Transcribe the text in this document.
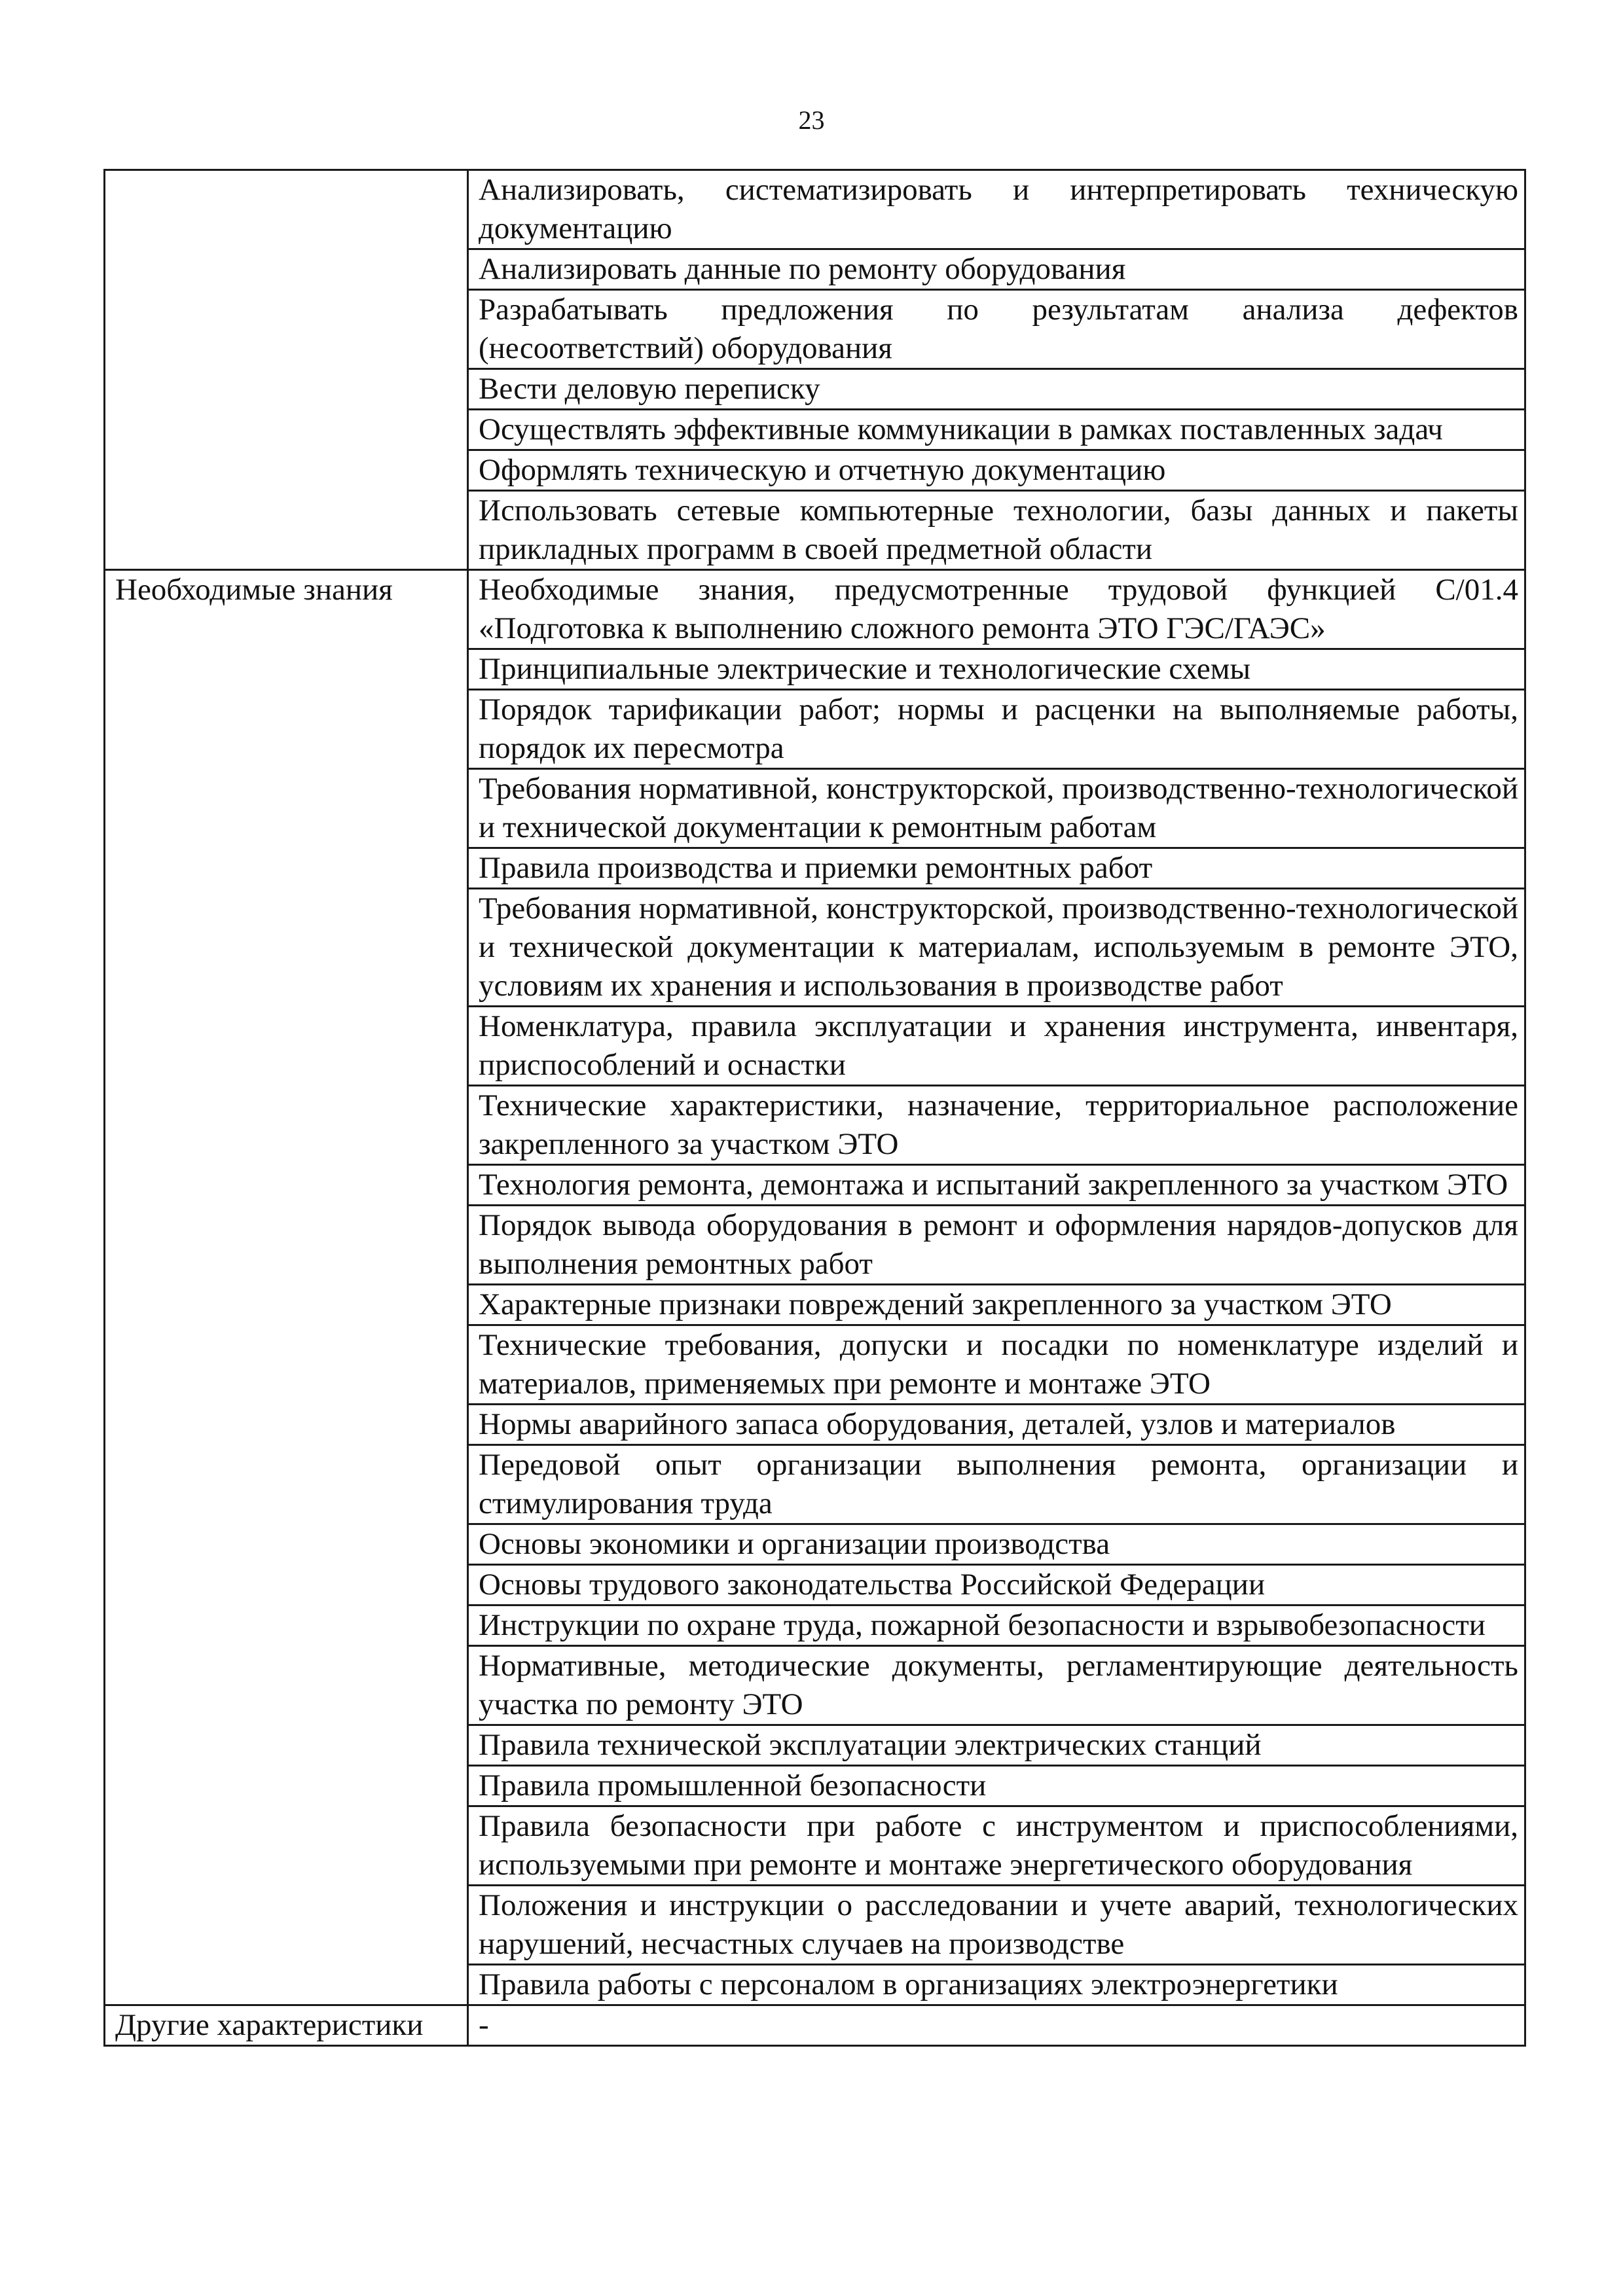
23
	Анализировать, систематизировать и интерпретировать техническую документацию
	Анализировать данные по ремонту оборудования
	Разрабатывать предложения по результатам анализа дефектов (несоответствий) оборудования
	Вести деловую переписку
	Осуществлять эффективные коммуникации в рамках поставленных задач
	Оформлять техническую и отчетную документацию
	Использовать сетевые компьютерные технологии, базы данных и пакеты прикладных программ в своей предметной области
Необходимые знания	Необходимые знания, предусмотренные трудовой функцией С/01.4 «Подготовка к выполнению сложного ремонта ЭТО ГЭС/ГАЭС»
	Принципиальные электрические и технологические схемы
	Порядок тарификации работ; нормы и расценки на выполняемые работы, порядок их пересмотра
	Требования нормативной, конструкторской, производственно-технологической и технической документации к ремонтным работам
	Правила производства и приемки ремонтных работ
	Требования нормативной, конструкторской, производственно-технологической и технической документации к материалам, используемым в ремонте ЭТО, условиям их хранения и использования в производстве работ
	Номенклатура, правила эксплуатации и хранения инструмента, инвентаря, приспособлений и оснастки
	Технические характеристики, назначение, территориальное расположение закрепленного за участком ЭТО
	Технология ремонта, демонтажа и испытаний закрепленного за участком ЭТО
	Порядок вывода оборудования в ремонт и оформления нарядов-допусков для выполнения ремонтных работ
	Характерные признаки повреждений закрепленного за участком ЭТО
	Технические требования, допуски и посадки по номенклатуре изделий и материалов, применяемых при ремонте и монтаже ЭТО
	Нормы аварийного запаса оборудования, деталей, узлов и материалов
	Передовой опыт организации выполнения ремонта, организации и стимулирования труда
	Основы экономики и организации производства
	Основы трудового законодательства Российской Федерации
	Инструкции по охране труда, пожарной безопасности и взрывобезопасности
	Нормативные, методические документы, регламентирующие деятельность участка по ремонту ЭТО
	Правила технической эксплуатации электрических станций
	Правила промышленной безопасности
	Правила безопасности при работе с инструментом и приспособлениями, используемыми при ремонте и монтаже энергетического оборудования
	Положения и инструкции о расследовании и учете аварий, технологических нарушений, несчастных случаев на производстве
	Правила работы с персоналом в организациях электроэнергетики
Другие характеристики	-
